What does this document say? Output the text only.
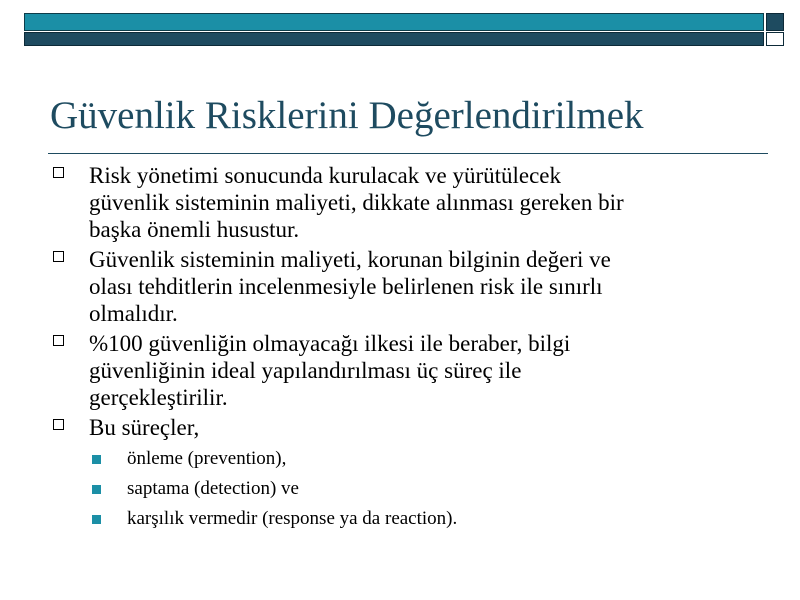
Güvenlik Risklerini Değerlendirilmek
Risk yönetimi sonucunda kurulacak ve yürütülecek
güvenlik sisteminin maliyeti, dikkate alınması gereken bir
başka önemli husustur.
Güvenlik sisteminin maliyeti, korunan bilginin değeri ve
olası tehditlerin incelenmesiyle belirlenen risk ile sınırlı
olmalıdır.
%100 güvenliğin olmayacağı ilkesi ile beraber, bilgi
güvenliğinin ideal yapılandırılması üç süreç ile
gerçekleştirilir.
Bu süreçler,
önleme (prevention),
saptama (detection) ve
karşılık vermedir (response ya da reaction).
